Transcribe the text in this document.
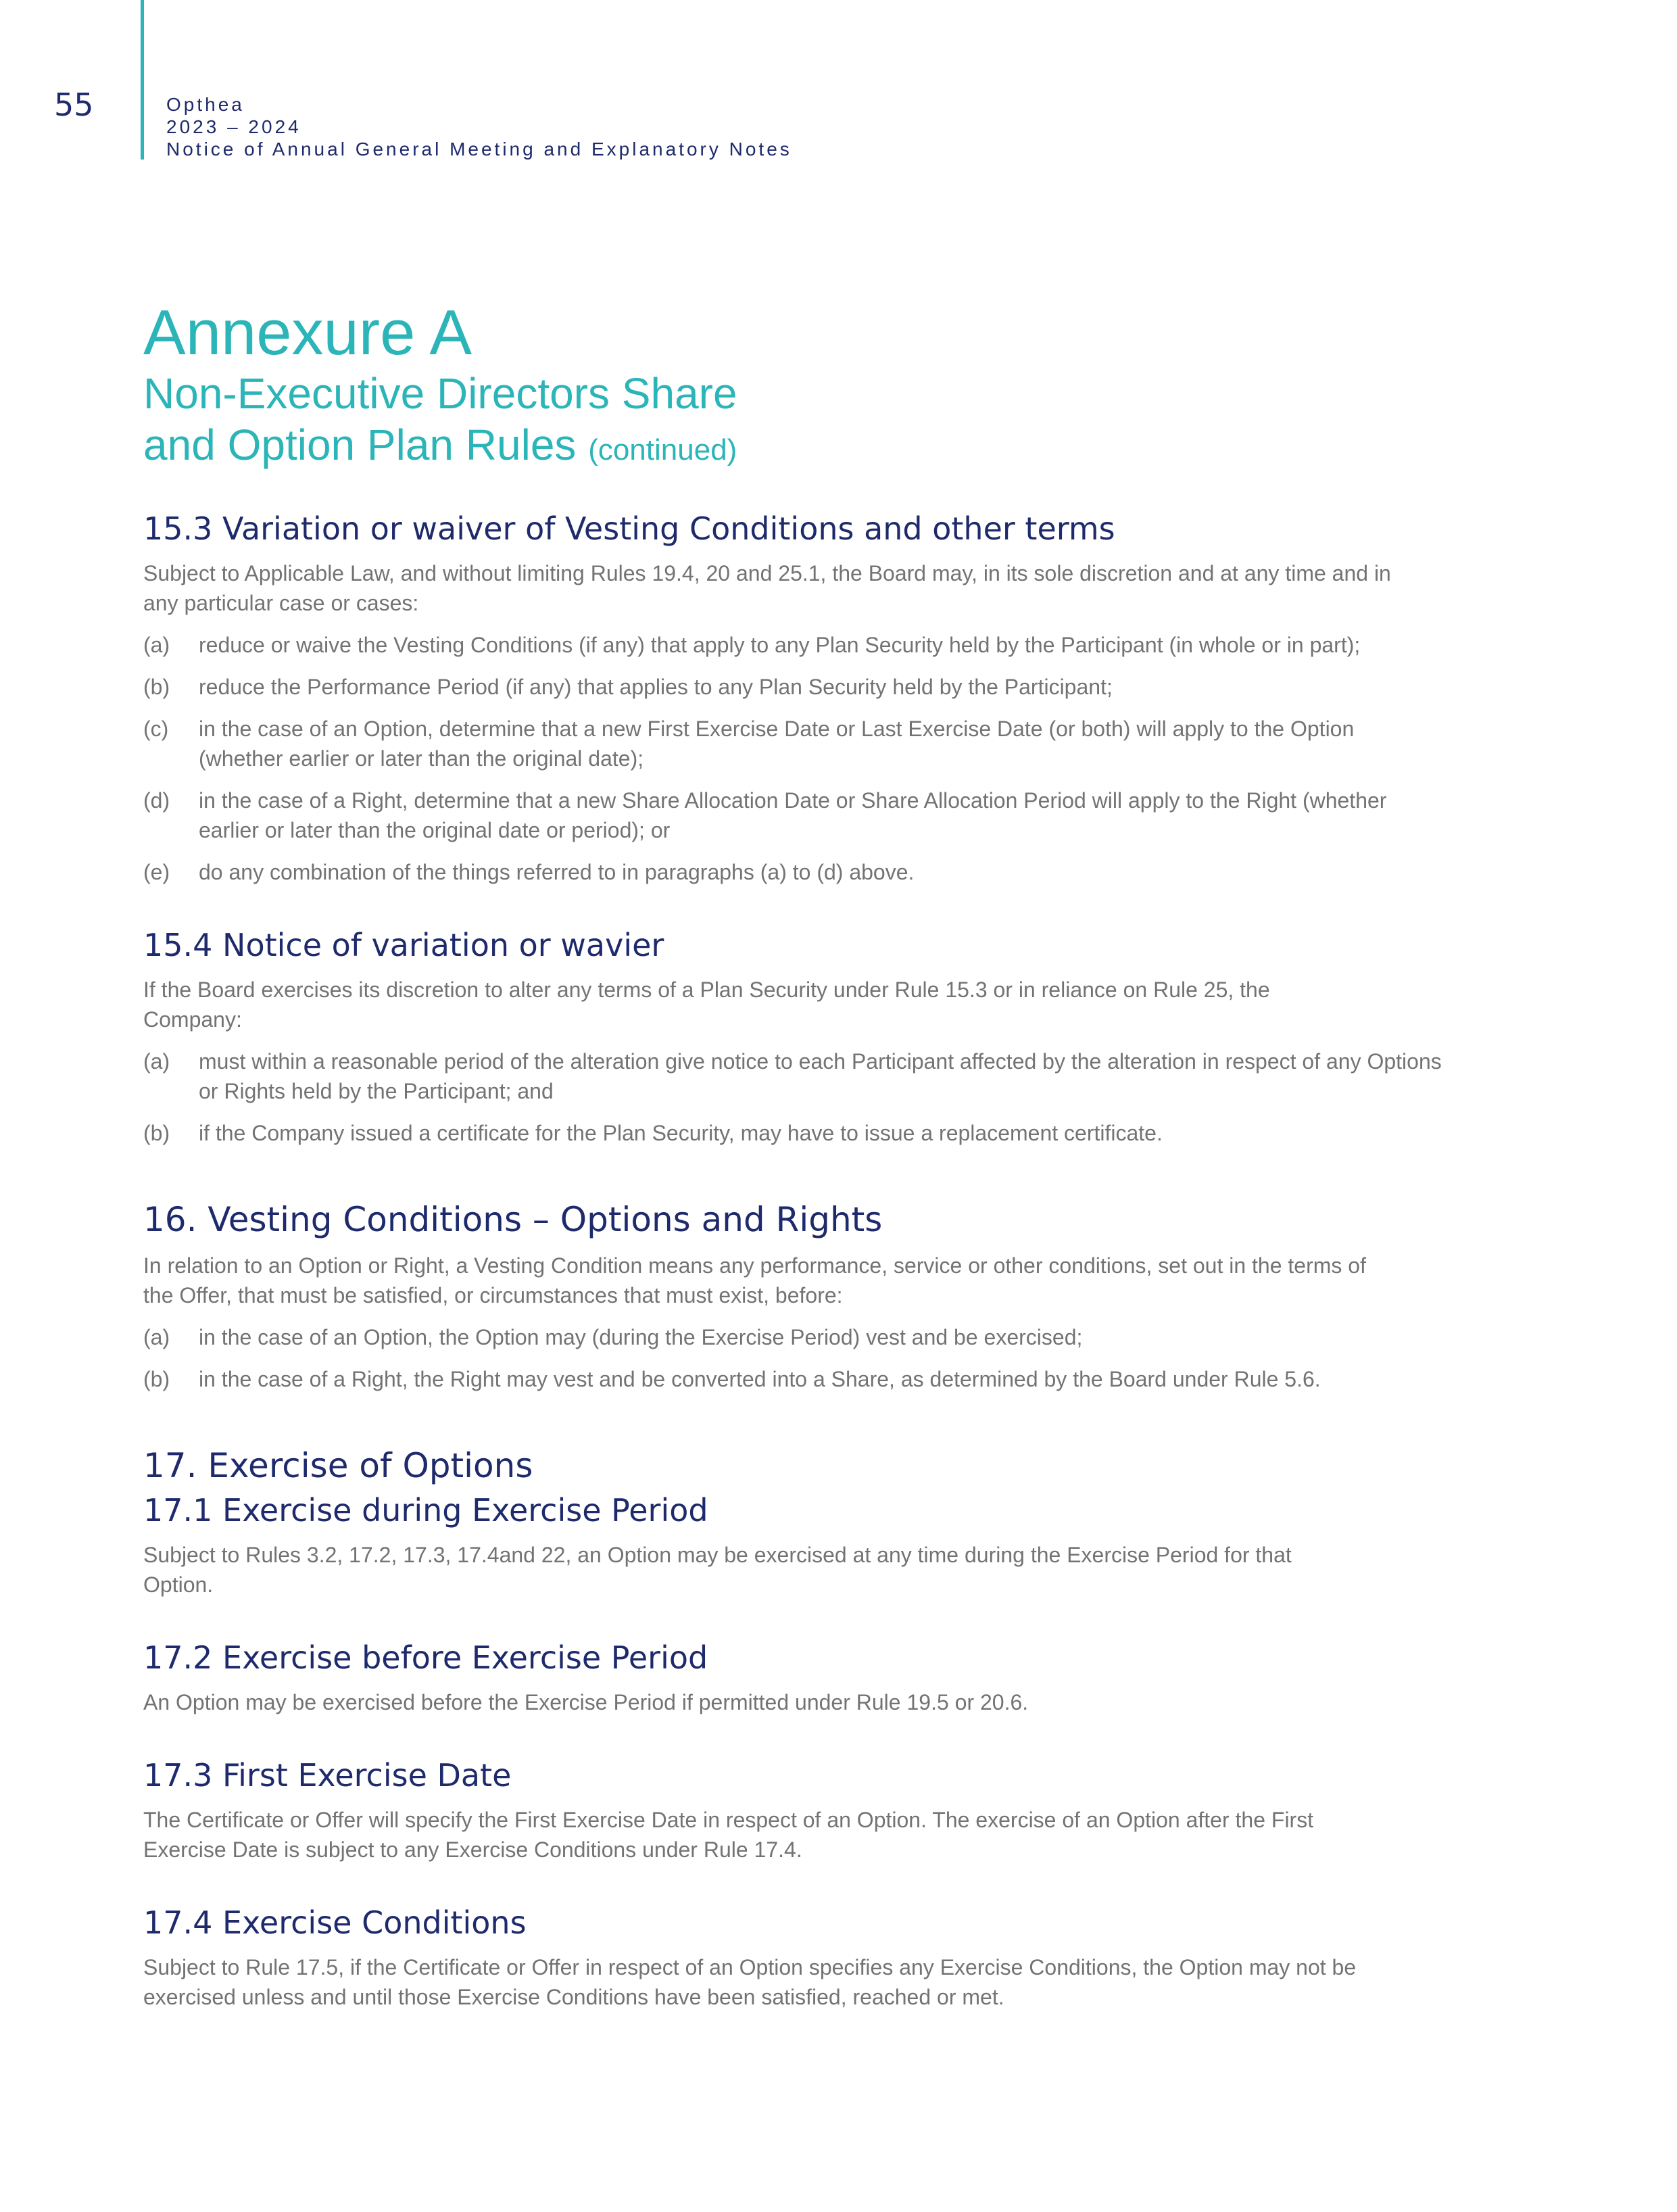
55	Opthea
2023 – 2024
Notice of Annual General Meeting and Explanatory Notes
Annexure A
Non-Executive Directors Share
and Option Plan Rules (continued)
15.3 Variation or waiver of Vesting Conditions and other terms

Subject to Applicable Law, and without limiting Rules 19.4, 20 and 25.1, the Board may, in its sole discretion and at any time and in any particular case or cases:

(a)	reduce or waive the Vesting Conditions (if any) that apply to any Plan Security held by the Participant (in whole or in part);
(b)	reduce the Performance Period (if any) that applies to any Plan Security held by the Participant;
(c)	in the case of an Option, determine that a new First Exercise Date or Last Exercise Date (or both) will apply to the Option (whether earlier or later than the original date);
(d)	in the case of a Right, determine that a new Share Allocation Date or Share Allocation Period will apply to the Right (whether earlier or later than the original date or period); or
(e)	do any combination of the things referred to in paragraphs (a) to (d) above.
15.4 Notice of variation or wavier

If the Board exercises its discretion to alter any terms of a Plan Security under Rule 15.3 or in reliance on Rule 25, the Company:

(a)	must within a reasonable period of the alteration give notice to each Participant affected by the alteration in respect of any Options or Rights held by the Participant; and
(b)	if the Company issued a certificate for the Plan Security, may have to issue a replacement certificate.
16. Vesting Conditions – Options and Rights

In relation to an Option or Right, a Vesting Condition means any performance, service or other conditions, set out in the terms of the Offer, that must be satisfied, or circumstances that must exist, before:

(a)	in the case of an Option, the Option may (during the Exercise Period) vest and be exercised;
(b)	in the case of a Right, the Right may vest and be converted into a Share, as determined by the Board under Rule 5.6.
17. Exercise of Options
17.1 Exercise during Exercise Period

Subject to Rules 3.2, 17.2, 17.3, 17.4and 22, an Option may be exercised at any time during the Exercise Period for that Option.

17.2 Exercise before Exercise Period

An Option may be exercised before the Exercise Period if permitted under Rule 19.5 or 20.6.

17.3 First Exercise Date

The Certificate or Offer will specify the First Exercise Date in respect of an Option. The exercise of an Option after the First Exercise Date is subject to any Exercise Conditions under Rule 17.4.

17.4 Exercise Conditions

Subject to Rule 17.5, if the Certificate or Offer in respect of an Option specifies any Exercise Conditions, the Option may not be exercised unless and until those Exercise Conditions have been satisfied, reached or met.
